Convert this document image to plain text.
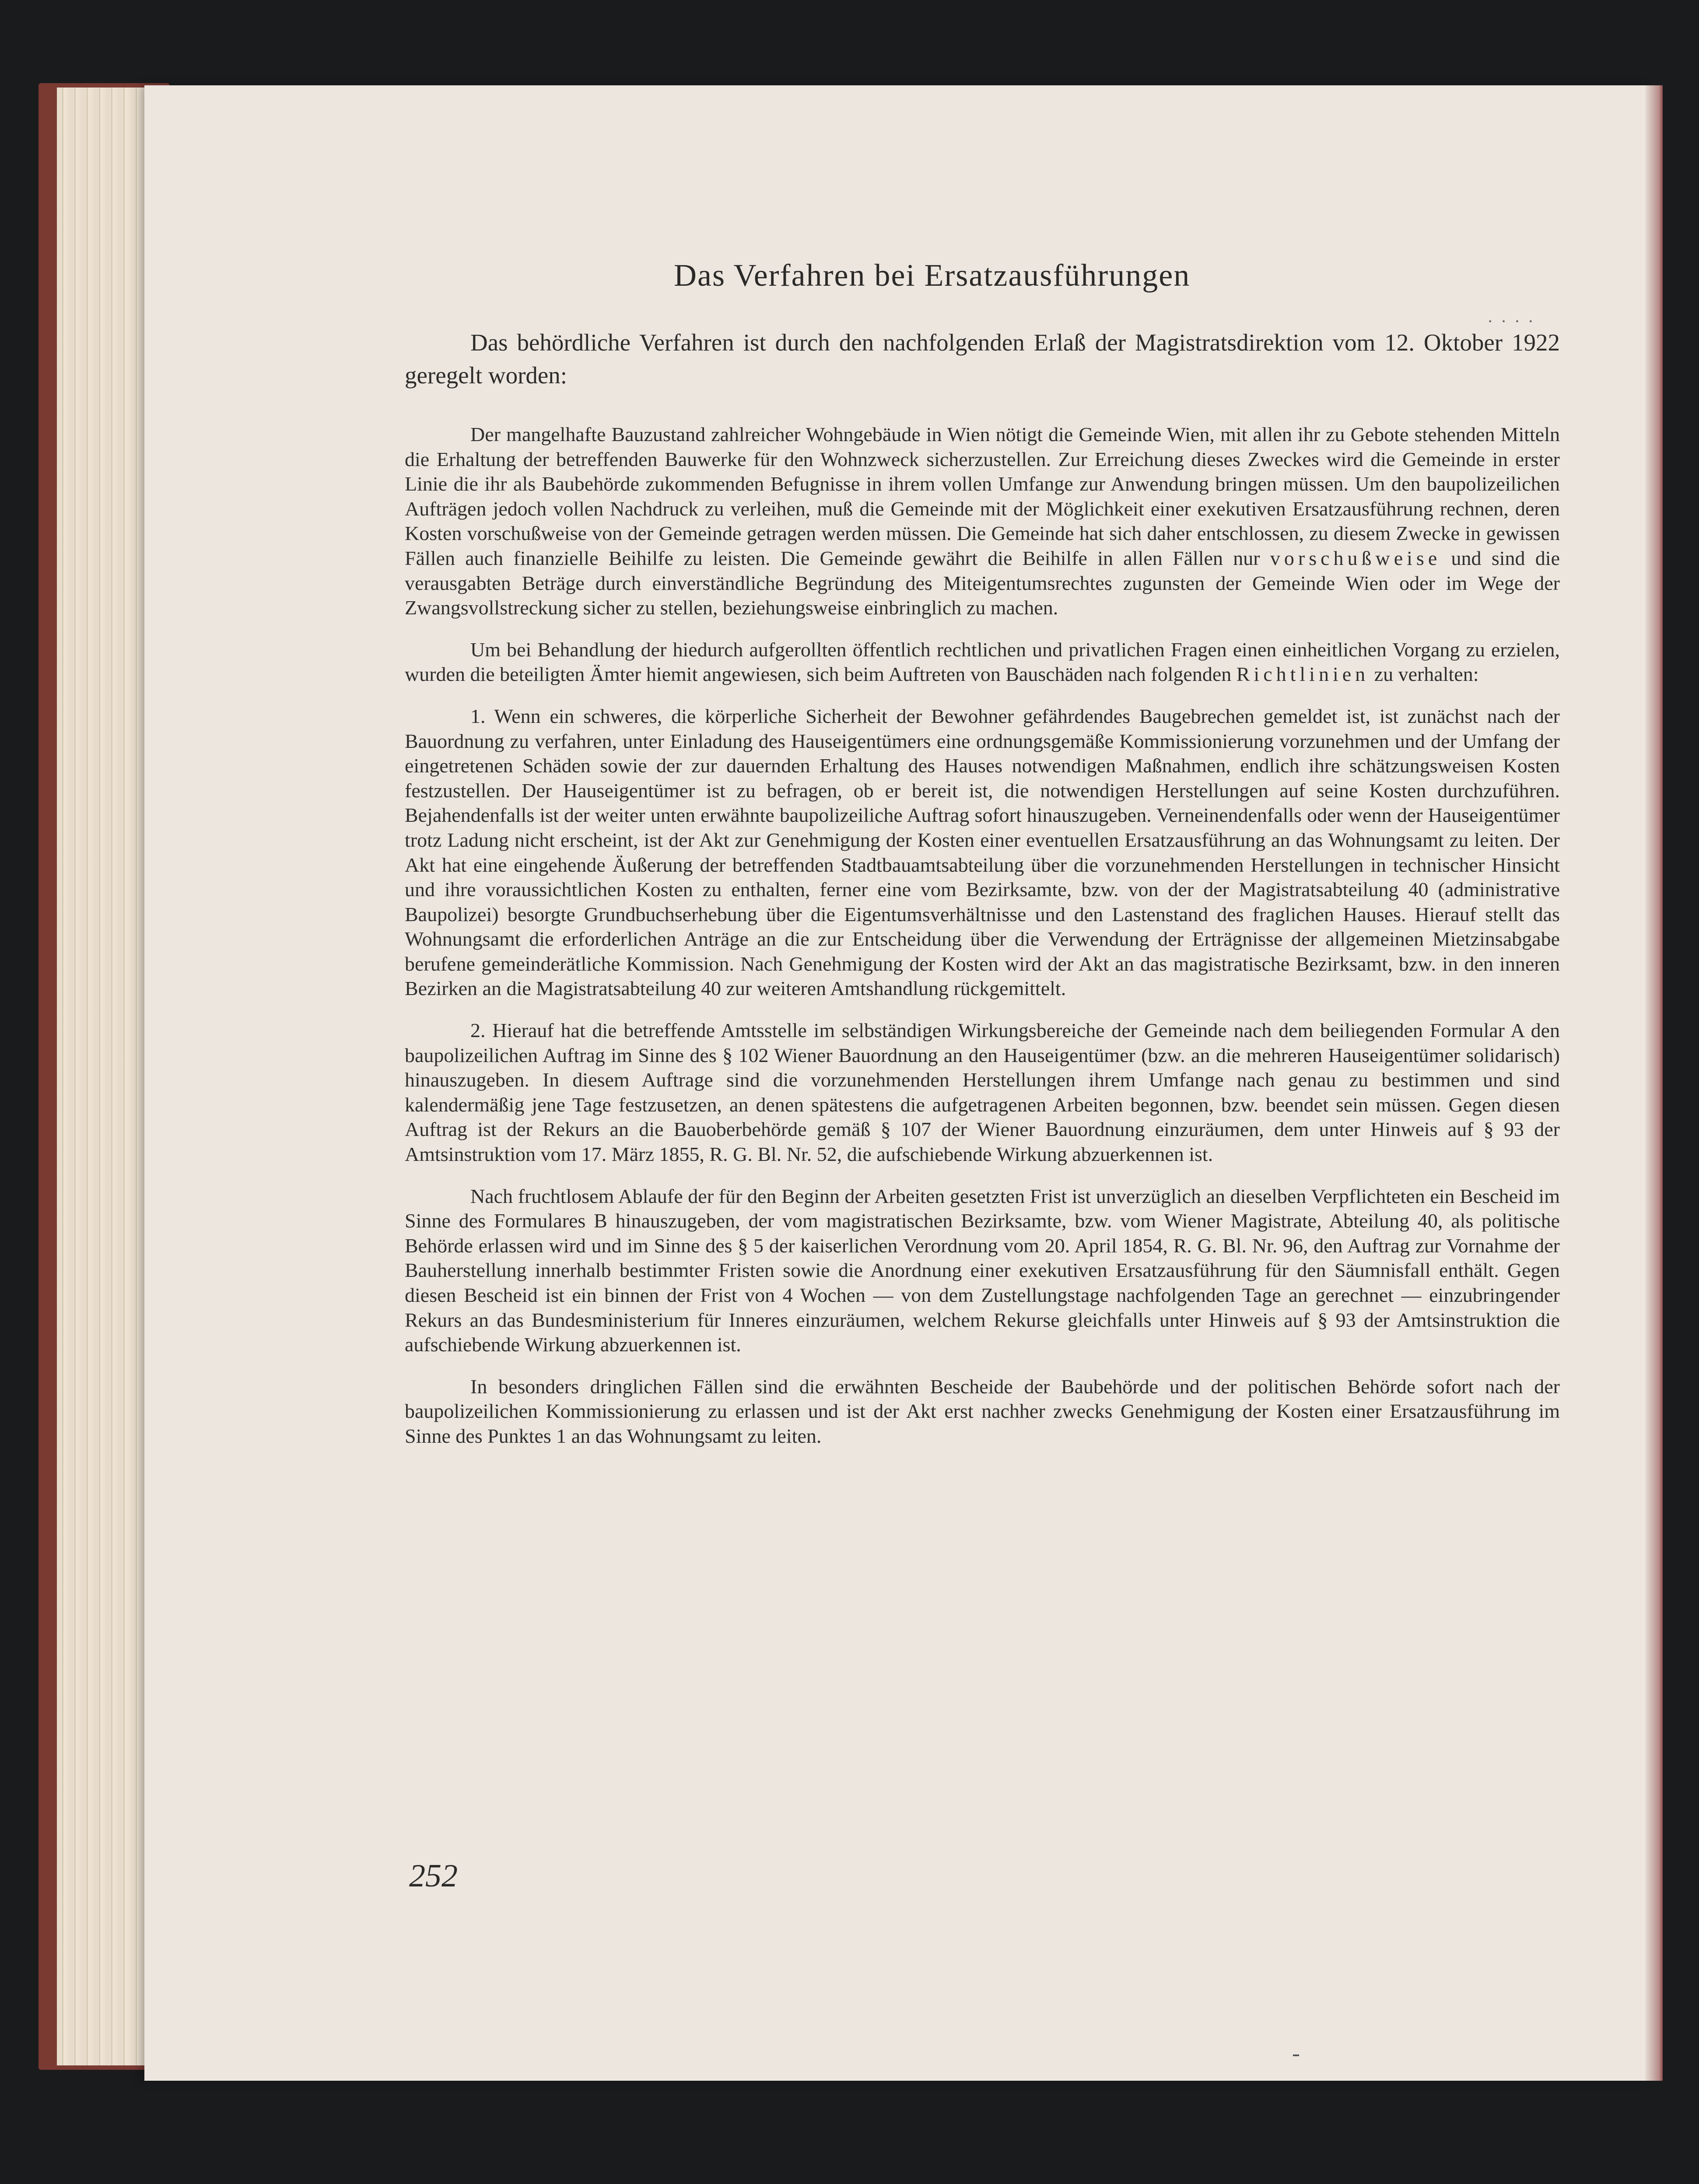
Das Verfahren bei Ersatzausführungen
· · · ·
Das behördliche Verfahren ist durch den nachfolgenden Erlaß der Magistratsdirektion vom 12. Oktober 1922 geregelt worden:

Der mangelhafte Bauzustand zahlreicher Wohngebäude in Wien nötigt die Gemeinde Wien, mit allen ihr zu Gebote stehenden Mitteln die Erhaltung der betreffenden Bauwerke für den Wohnzweck sicherzustellen. Zur Erreichung dieses Zweckes wird die Gemeinde in erster Linie die ihr als Baubehörde zukommenden Befugnisse in ihrem vollen Umfange zur Anwendung bringen müssen. Um den baupolizeilichen Aufträgen jedoch vollen Nachdruck zu verleihen, muß die Gemeinde mit der Möglichkeit einer exekutiven Ersatzausführung rechnen, deren Kosten vorschußweise von der Gemeinde getragen werden müssen. Die Gemeinde hat sich daher entschlossen, zu diesem Zwecke in gewissen Fällen auch finanzielle Beihilfe zu leisten. Die Gemeinde gewährt die Beihilfe in allen Fällen nur vorschußweise und sind die verausgabten Beträge durch einverständliche Begründung des Miteigentumsrechtes zugunsten der Gemeinde Wien oder im Wege der Zwangsvollstreckung sicher zu stellen, beziehungsweise einbringlich zu machen.

Um bei Behandlung der hiedurch aufgerollten öffentlich rechtlichen und privatlichen Fragen einen einheitlichen Vorgang zu erzielen, wurden die beteiligten Ämter hiemit angewiesen, sich beim Auftreten von Bauschäden nach folgenden Richtlinien zu verhalten:

1. Wenn ein schweres, die körperliche Sicherheit der Bewohner gefährdendes Baugebrechen gemeldet ist, ist zunächst nach der Bauordnung zu verfahren, unter Einladung des Hauseigentümers eine ordnungsgemäße Kommissionierung vorzunehmen und der Umfang der eingetretenen Schäden sowie der zur dauernden Erhaltung des Hauses notwendigen Maßnahmen, endlich ihre schätzungsweisen Kosten festzustellen. Der Hauseigentümer ist zu befragen, ob er bereit ist, die notwendigen Herstellungen auf seine Kosten durchzuführen. Bejahendenfalls ist der weiter unten erwähnte baupolizeiliche Auftrag sofort hinauszugeben. Verneinendenfalls oder wenn der Hauseigentümer trotz Ladung nicht erscheint, ist der Akt zur Genehmigung der Kosten einer eventuellen Ersatzausführung an das Wohnungsamt zu leiten. Der Akt hat eine eingehende Äußerung der betreffenden Stadtbauamtsabteilung über die vorzunehmenden Herstellungen in technischer Hinsicht und ihre voraussichtlichen Kosten zu enthalten, ferner eine vom Bezirksamte, bzw. von der der Magistratsabteilung 40 (administrative Baupolizei) besorgte Grundbuchserhebung über die Eigentumsverhältnisse und den Lastenstand des fraglichen Hauses. Hierauf stellt das Wohnungsamt die erforderlichen Anträge an die zur Entscheidung über die Verwendung der Erträgnisse der allgemeinen Mietzinsabgabe berufene gemeinderätliche Kommission. Nach Genehmigung der Kosten wird der Akt an das magistratische Bezirksamt, bzw. in den inneren Bezirken an die Magistratsabteilung 40 zur weiteren Amtshandlung rückgemittelt.

2. Hierauf hat die betreffende Amtsstelle im selbständigen Wirkungsbereiche der Gemeinde nach dem beiliegenden Formular A den baupolizeilichen Auftrag im Sinne des § 102 Wiener Bauordnung an den Hauseigentümer (bzw. an die mehreren Hauseigentümer solidarisch) hinauszugeben. In diesem Auftrage sind die vorzunehmenden Herstellungen ihrem Umfange nach genau zu bestimmen und sind kalendermäßig jene Tage festzusetzen, an denen spätestens die aufgetragenen Arbeiten begonnen, bzw. beendet sein müssen. Gegen diesen Auftrag ist der Rekurs an die Bauoberbehörde gemäß § 107 der Wiener Bauordnung einzuräumen, dem unter Hinweis auf § 93 der Amtsinstruktion vom 17. März 1855, R. G. Bl. Nr. 52, die aufschiebende Wirkung abzuerkennen ist.

Nach fruchtlosem Ablaufe der für den Beginn der Arbeiten gesetzten Frist ist unverzüglich an dieselben Verpflichteten ein Bescheid im Sinne des Formulares B hinauszugeben, der vom magistratischen Bezirksamte, bzw. vom Wiener Magistrate, Abteilung 40, als politische Behörde erlassen wird und im Sinne des § 5 der kaiserlichen Verordnung vom 20. April 1854, R. G. Bl. Nr. 96, den Auftrag zur Vornahme der Bauherstellung innerhalb bestimmter Fristen sowie die Anordnung einer exekutiven Ersatzausführung für den Säumnisfall enthält. Gegen diesen Bescheid ist ein binnen der Frist von 4 Wochen — von dem Zustellungstage nachfolgenden Tage an gerechnet — einzubringender Rekurs an das Bundesministerium für Inneres einzuräumen, welchem Rekurse gleichfalls unter Hinweis auf § 93 der Amtsinstruktion die aufschiebende Wirkung abzuerkennen ist.

In besonders dringlichen Fällen sind die erwähnten Bescheide der Baubehörde und der politischen Behörde sofort nach der baupolizeilichen Kommissionierung zu erlassen und ist der Akt erst nachher zwecks Genehmigung der Kosten einer Ersatzausführung im Sinne des Punktes 1 an das Wohnungsamt zu leiten.

252
